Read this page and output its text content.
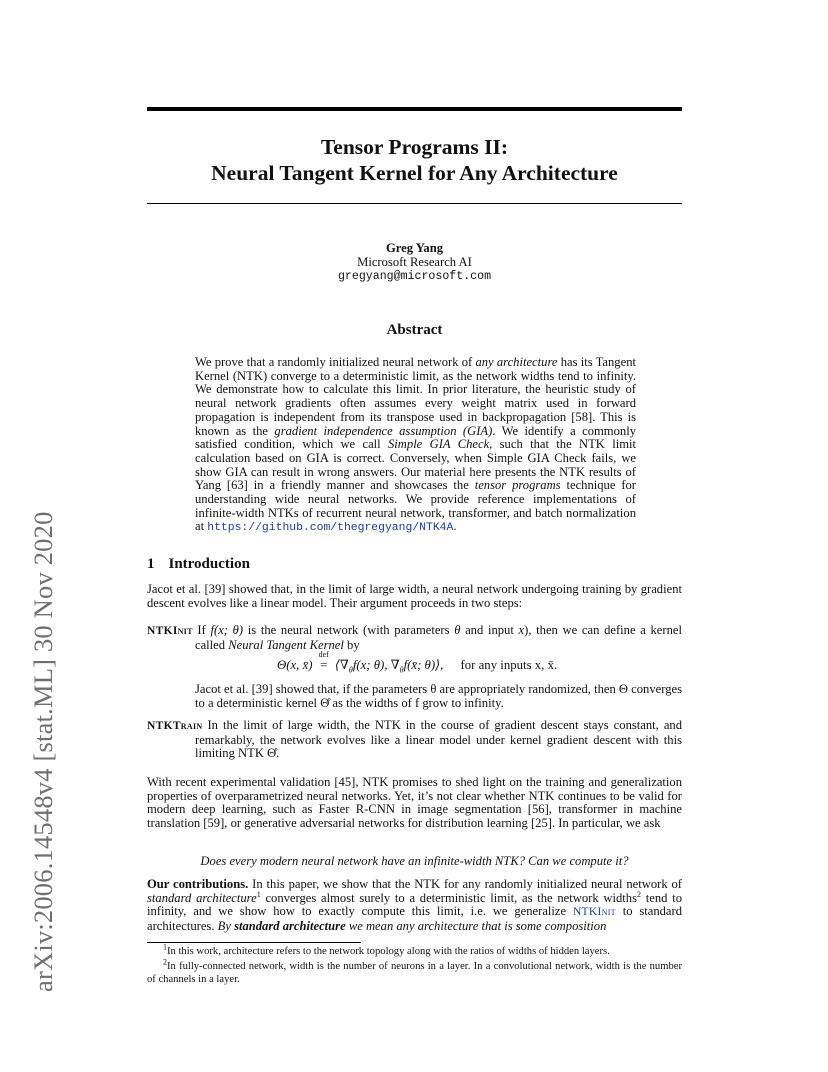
arXiv:2006.14548v4 [stat.ML] 30 Nov 2020
Tensor Programs II:
Neural Tangent Kernel for Any Architecture
Greg Yang
Microsoft Research AI
gregyang@microsoft.com
Abstract
We prove that a randomly initialized neural network of any architecture has its Tangent Kernel (NTK) converge to a deterministic limit, as the network widths tend to infinity. We demonstrate how to calculate this limit. In prior literature, the heuristic study of neural network gradients often assumes every weight matrix used in forward propagation is independent from its transpose used in backpropagation [58]. This is known as the gradient independence assumption (GIA). We identify a commonly satisfied condition, which we call Simple GIA Check, such that the NTK limit calculation based on GIA is correct. Conversely, when Simple GIA Check fails, we show GIA can result in wrong answers. Our material here presents the NTK results of Yang [63] in a friendly manner and showcases the tensor programs technique for understanding wide neural networks. We provide reference implementations of infinite-width NTKs of recurrent neural network, transformer, and batch normalization at https://github.com/thegregyang/NTK4A.
1 Introduction
Jacot et al. [39] showed that, in the limit of large width, a neural network undergoing training by gradient descent evolves like a linear model. Their argument proceeds in two steps:
NTKInit If f(x; θ) is the neural network (with parameters θ and input x), then we can define a kernel called Neural Tangent Kernel by
Θ(x, x̄)
def
= $⟨\nabla_\theta f(x$; θ), $\nabla_\theta f(x̄$; θ)⟩, for any inputs x, x̄.
Jacot et al. [39] showed that, if the parameters θ are appropriately randomized, then Θ converges to a deterministic kernel Θ̊ as the widths of f grow to infinity.
NTKTrain In the limit of large width, the NTK in the course of gradient descent stays constant, and remarkably, the network evolves like a linear model under kernel gradient descent with this limiting NTK Θ̊.
With recent experimental validation [45], NTK promises to shed light on the training and generalization properties of overparametrized neural networks. Yet, it’s not clear whether NTK continues to be valid for modern deep learning, such as Faster R-CNN in image segmentation [56], transformer in machine translation [59], or generative adversarial networks for distribution learning [25]. In particular, we ask
Does every modern neural network have an infinite-width NTK? Can we compute it?
Our contributions. In this paper, we show that the NTK for any randomly initialized neural network of standard architecture$^1$ converges almost surely to a deterministic limit, as the network widths$^2$ tend to infinity, and we show how to exactly compute this limit, i.e. we generalize NTKInit to standard architectures. By standard architecture we mean any architecture that is some composition
$^1$In this work, architecture refers to the network topology along with the ratios of widths of hidden layers.
$^2$In fully-connected network, width is the number of neurons in a layer. In a convolutional network, width is the number of channels in a layer.
